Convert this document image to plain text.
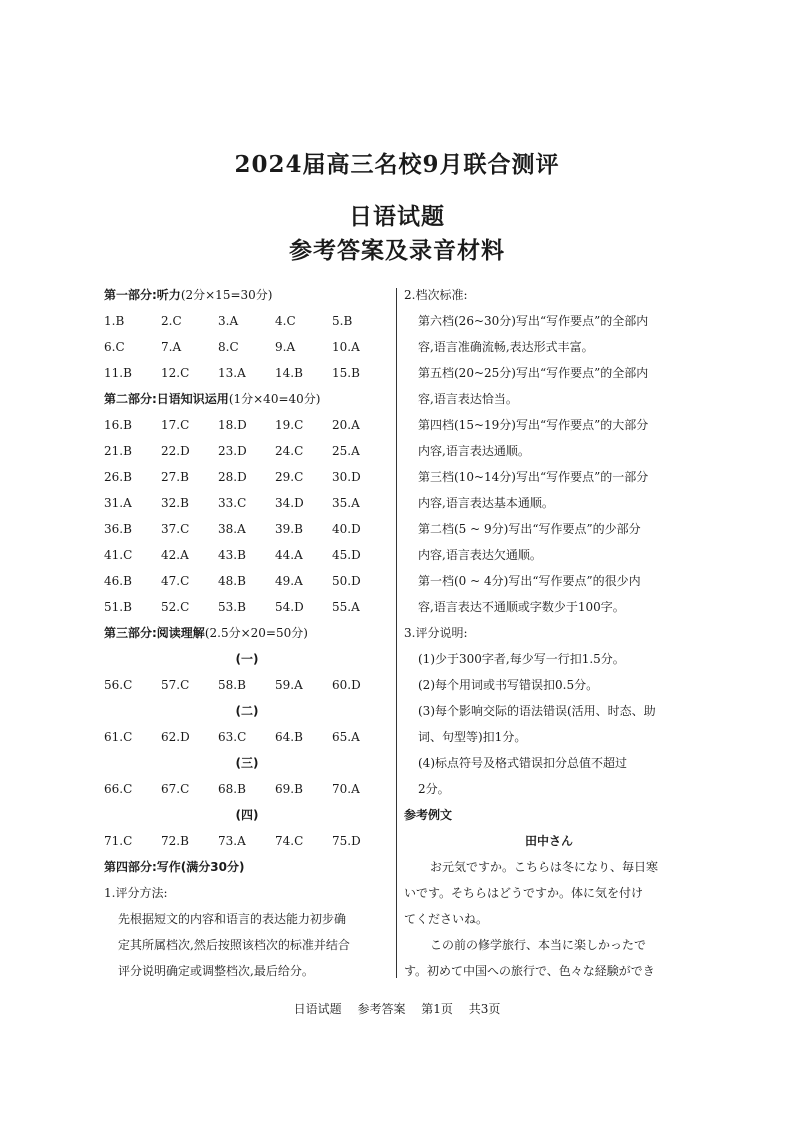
2024届高三名校9月联合测评
日语试题
参考答案及录音材料
第一部分:听力(2分×15=30分)
1.B	2.C	3.A	4.C	5.B
6.C	7.A	8.C	9.A	10.A
11.B	12.C	13.A	14.B	15.B
第二部分:日语知识运用(1分×40=40分)
16.B	17.C	18.D	19.C	20.A
21.B	22.D	23.D	24.C	25.A
26.B	27.B	28.D	29.C	30.D
31.A	32.B	33.C	34.D	35.A
36.B	37.C	38.A	39.B	40.D
41.C	42.A	43.B	44.A	45.D
46.B	47.C	48.B	49.A	50.D
51.B	52.C	53.B	54.D	55.A
第三部分:阅读理解(2.5分×20=50分)
(一)
56.C	57.C	58.B	59.A	60.D
(二)
61.C	62.D	63.C	64.B	65.A
(三)
66.C	67.C	68.B	69.B	70.A
(四)
71.C	72.B	73.A	74.C	75.D
第四部分:写作(满分30分)
1.评分方法:
先根据短文的内容和语言的表达能力初步确
定其所属档次,然后按照该档次的标准并结合
评分说明确定或调整档次,最后给分。
2.档次标准:
第六档(26~30分)写出“写作要点”的全部内
容,语言准确流畅,表达形式丰富。
第五档(20~25分)写出“写作要点”的全部内
容,语言表达恰当。
第四档(15~19分)写出“写作要点”的大部分
内容,语言表达通顺。
第三档(10~14分)写出“写作要点”的一部分
内容,语言表达基本通顺。
第二档(5 ~ 9分)写出“写作要点”的少部分
内容,语言表达欠通顺。
第一档(0 ~ 4分)写出“写作要点”的很少内
容,语言表达不通顺或字数少于100字。
3.评分说明:
(1)少于300字者,每少写一行扣1.5分。
(2)每个用词或书写错误扣0.5分。
(3)每个影响交际的语法错误(活用、时态、助
词、句型等)扣1分。
(4)标点符号及格式错误扣分总值不超过
2分。
参考例文
田中さん
お元気ですか。こちらは冬になり、毎日寒
いです。そちらはどうですか。体に気を付け
てくださいね。
この前の修学旅行、本当に楽しかったで
す。初めて中国への旅行で、色々な経験ができ
日语试题 参考答案 第1页 共3页
